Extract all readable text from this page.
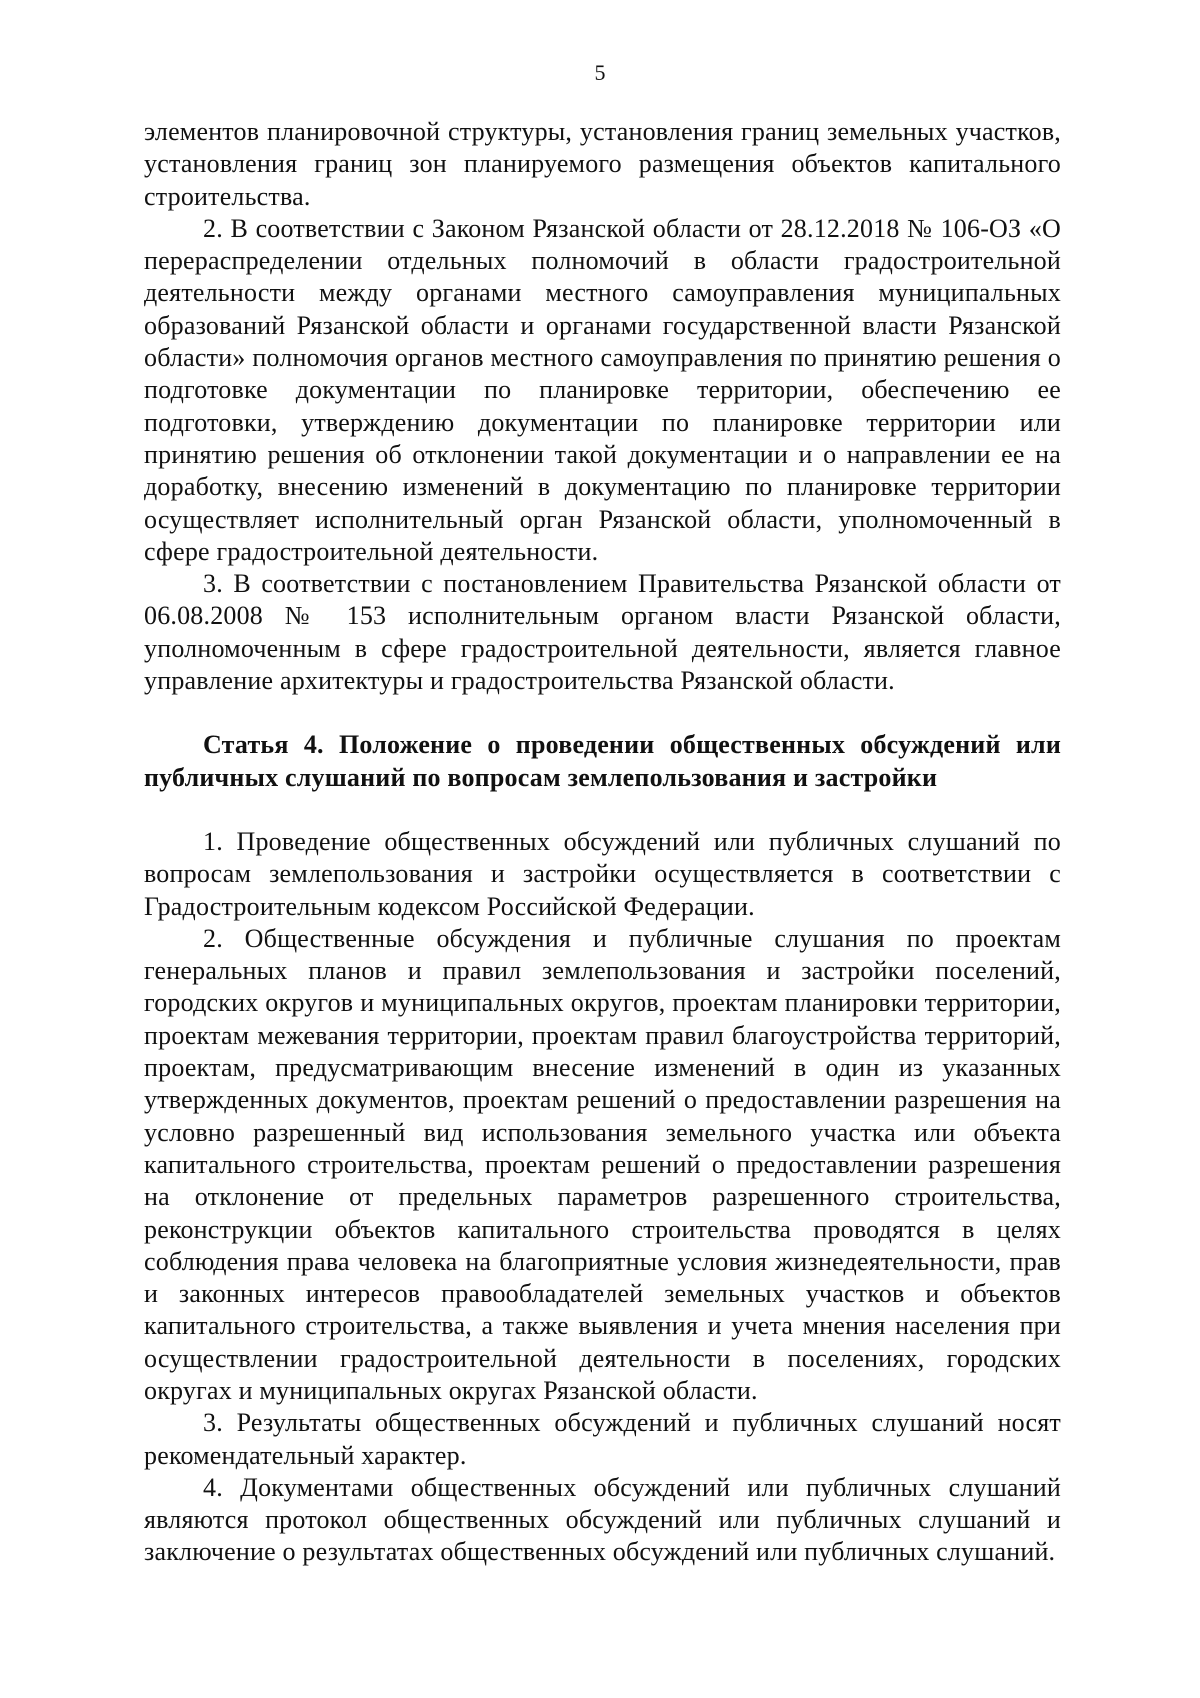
5

элементов планировочной структуры, установления границ земельных участков, установления границ зон планируемого размещения объектов капитального строительства.

2. В соответствии с Законом Рязанской области от 28.12.2018 № 106-ОЗ «О перераспределении отдельных полномочий в области градостроительной деятельности между органами местного самоуправления муниципальных образований Рязанской области и органами государственной власти Рязанской области» полномочия органов местного самоуправления по принятию решения о подготовке документации по планировке территории, обеспечению ее подготовки, утверждению документации по планировке территории или принятию решения об отклонении такой документации и о направлении ее на доработку, внесению изменений в документацию по планировке территории осуществляет исполнительный орган Рязанской области, уполномоченный в сфере градостроительной деятельности.

3. В соответствии с постановлением Правительства Рязанской области от 06.08.2008 № 153 исполнительным органом власти Рязанской области, уполномоченным в сфере градостроительной деятельности, является главное управление архитектуры и градостроительства Рязанской области.

Статья 4. Положение о проведении общественных обсуждений или публичных слушаний по вопросам землепользования и застройки

1. Проведение общественных обсуждений или публичных слушаний по вопросам землепользования и застройки осуществляется в соответствии с Градостроительным кодексом Российской Федерации.

2. Общественные обсуждения и публичные слушания по проектам генеральных планов и правил землепользования и застройки поселений, городских округов и муниципальных округов, проектам планировки территории, проектам межевания территории, проектам правил благоустройства территорий, проектам, предусматривающим внесение изменений в один из указанных утвержденных документов, проектам решений о предоставлении разрешения на условно разрешенный вид использования земельного участка или объекта капитального строительства, проектам решений о предоставлении разрешения на отклонение от предельных параметров разрешенного строительства, реконструкции объектов капитального строительства проводятся в целях соблюдения права человека на благоприятные условия жизнедеятельности, прав и законных интересов правообладателей земельных участков и объектов капитального строительства, а также выявления и учета мнения населения при осуществлении градостроительной деятельности в поселениях, городских округах и муниципальных округах Рязанской области.

3. Результаты общественных обсуждений и публичных слушаний носят рекомендательный характер.

4. Документами общественных обсуждений или публичных слушаний являются протокол общественных обсуждений или публичных слушаний и заключение о результатах общественных обсуждений или публичных слушаний.
